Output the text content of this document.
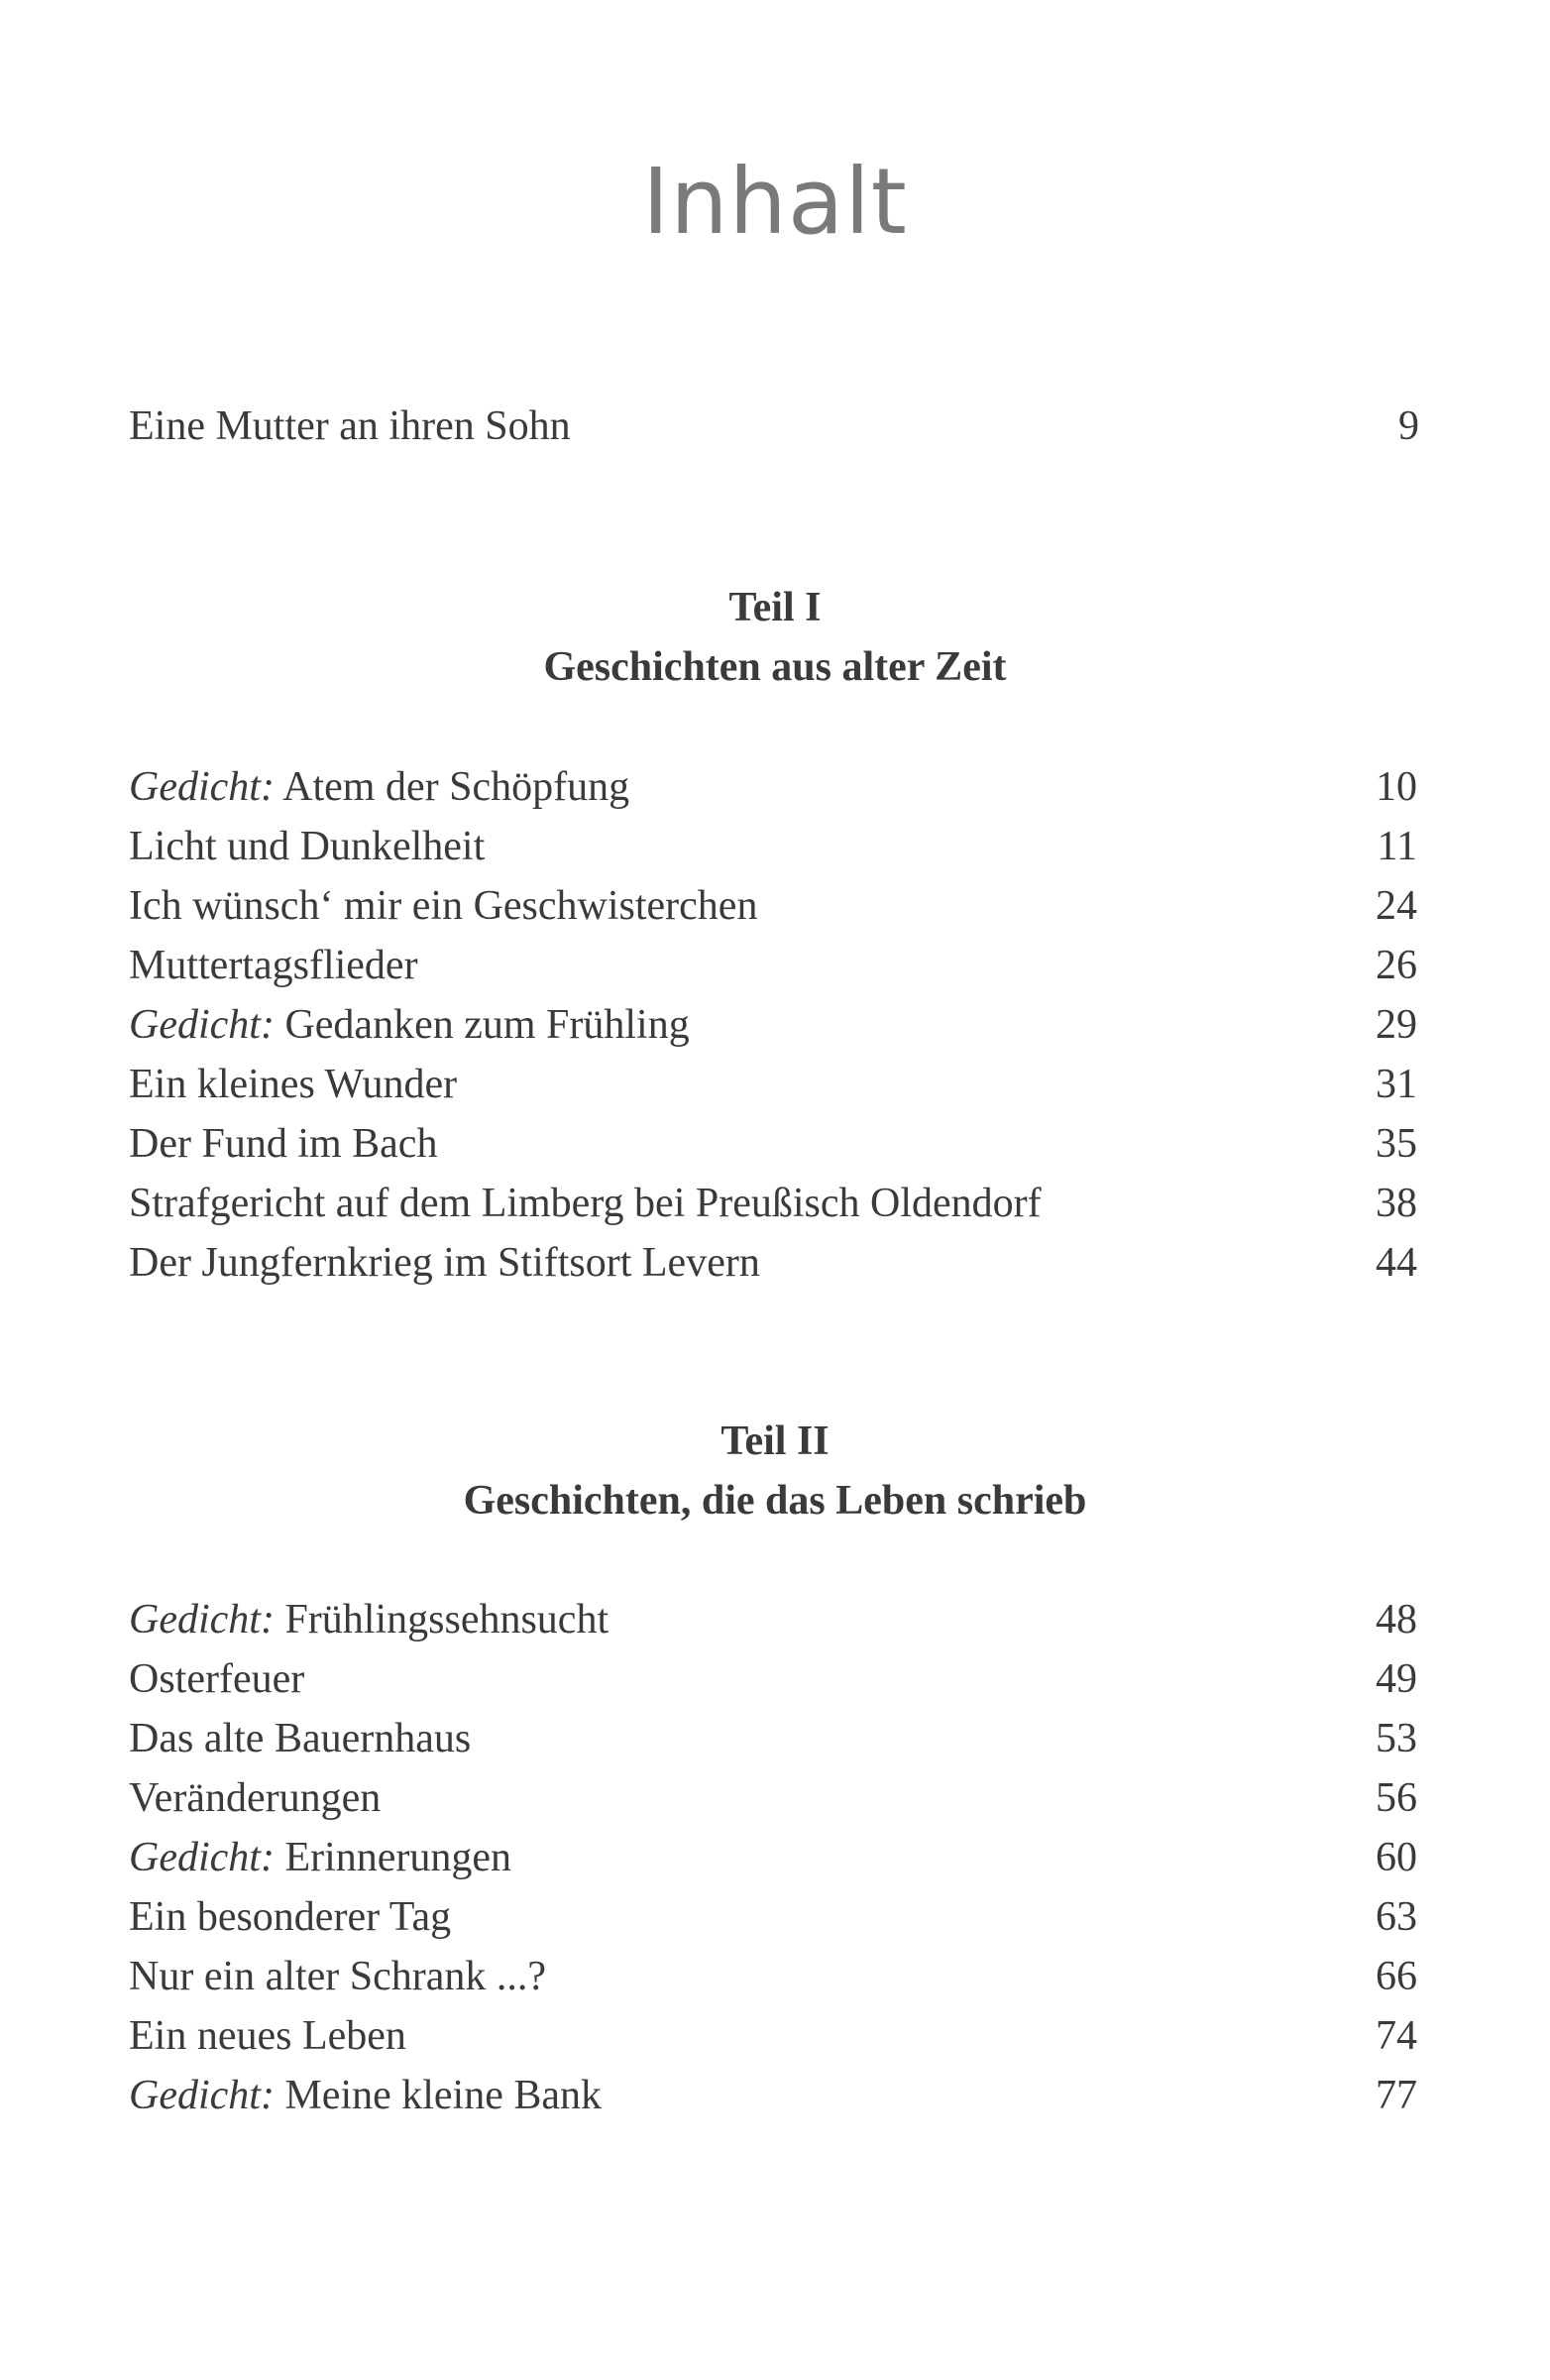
Inhalt
Eine Mutter an ihren Sohn	9
Teil I
Geschichten aus alter Zeit
Gedicht: Atem der Schöpfung	10
Licht und Dunkelheit	11
Ich wünsch‘ mir ein Geschwisterchen	24
Muttertagsflieder	26
Gedicht: Gedanken zum Frühling	29
Ein kleines Wunder	31
Der Fund im Bach	35
Strafgericht auf dem Limberg bei Preußisch Oldendorf	38
Der Jungfernkrieg im Stiftsort Levern	44
Teil II
Geschichten, die das Leben schrieb
Gedicht: Frühlingssehnsucht	48
Osterfeuer	49
Das alte Bauernhaus	53
Veränderungen	56
Gedicht: Erinnerungen	60
Ein besonderer Tag	63
Nur ein alter Schrank ...?	66
Ein neues Leben	74
Gedicht: Meine kleine Bank	77
